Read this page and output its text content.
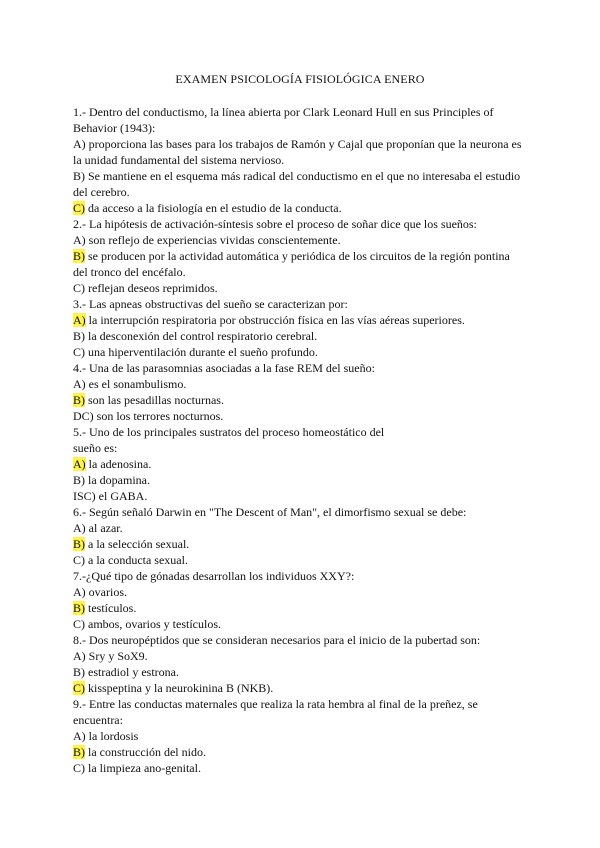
EXAMEN PSICOLOGÍA FISIOLÓGICA ENERO

1.- Dentro del conductismo, la línea abierta por Clark Leonard Hull en sus Principles of

Behavior (1943):

A) proporciona las bases para los trabajos de Ramón y Cajal que proponían que la neurona es

la unidad fundamental del sistema nervioso.

B) Se mantiene en el esquema más radical del conductismo en el que no interesaba el estudio

del cerebro.

C) da acceso a la fisiología en el estudio de la conducta.

2.- La hipótesis de activación-síntesis sobre el proceso de soñar dice que los sueños:

A) son reflejo de experiencias vividas conscientemente.

B) se producen por la actividad automática y periódica de los circuitos de la región pontina

del tronco del encéfalo.

C) reflejan deseos reprimidos.

3.- Las apneas obstructivas del sueño se caracterizan por:

A) la interrupción respiratoria por obstrucción física en las vías aéreas superiores.

B) la desconexión del control respiratorio cerebral.

C) una hiperventilación durante el sueño profundo.

4.- Una de las parasomnias asociadas a la fase REM del sueño:

A) es el sonambulismo.

B) son las pesadillas nocturnas.

DC) son los terrores nocturnos.

5.- Uno de los principales sustratos del proceso homeostático del

sueño es:

A) la adenosina.

B) la dopamina.

ISC) el GABA.

6.- Según señaló Darwin en "The Descent of Man", el dimorfismo sexual se debe:

A) al azar.

B) a la selección sexual.

C) a la conducta sexual.

7.-¿Qué tipo de gónadas desarrollan los individuos XXY?:

A) ovarios.

B) testículos.

C) ambos, ovarios y testículos.

8.- Dos neuropéptidos que se consideran necesarios para el inicio de la pubertad son:

A) Sry y SoX9.

B) estradiol y estrona.

C) kisspeptina y la neurokinina B (NKB).

9.- Entre las conductas maternales que realiza la rata hembra al final de la preñez, se

encuentra:

A) la lordosis

B) la construcción del nido.

C) la limpieza ano-genital.
